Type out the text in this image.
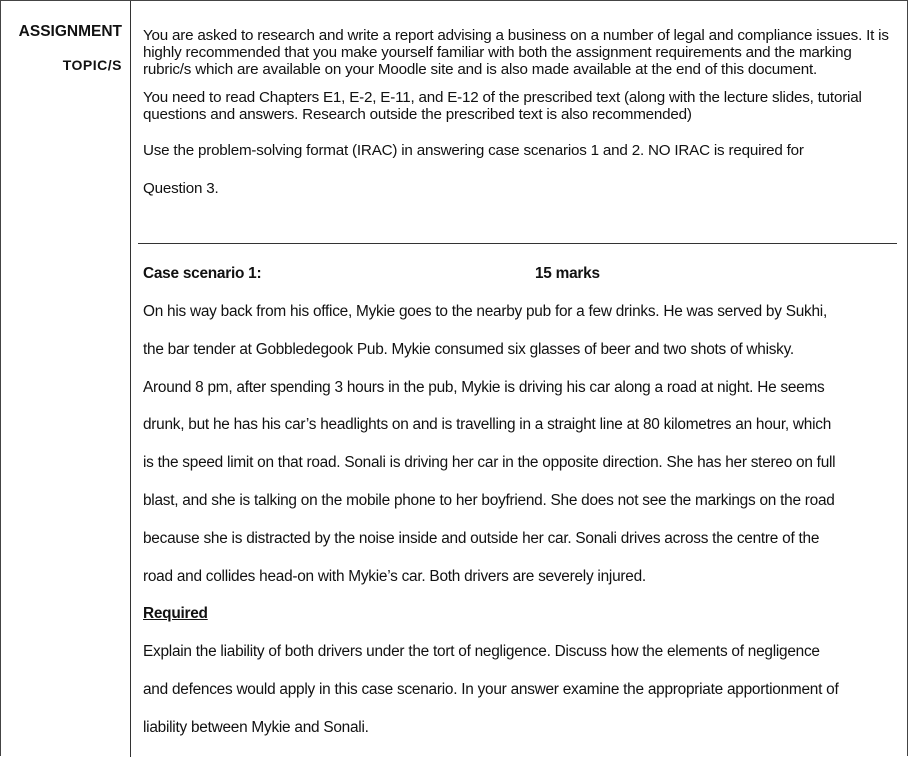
ASSIGNMENT
TOPIC/S

You are asked to research and write a report advising a business on a number of legal and compliance issues. It is highly recommended that you make yourself familiar with both the assignment requirements and the marking rubric/s which are available on your Moodle site and is also made available at the end of this document.

You need to read Chapters E1, E-2, E-11, and E-12 of the prescribed text (along with the lecture slides, tutorial questions and answers. Research outside the prescribed text is also recommended)

Use the problem-solving format (IRAC) in answering case scenarios 1 and 2. NO IRAC is required for
Question 3.

Case scenario 1:	15 marks
On his way back from his office, Mykie goes to the nearby pub for a few drinks. He was served by Sukhi,
the bar tender at Gobbledegook Pub. Mykie consumed six glasses of beer and two shots of whisky.
Around 8 pm, after spending 3 hours in the pub, Mykie is driving his car along a road at night. He seems
drunk, but he has his car’s headlights on and is travelling in a straight line at 80 kilometres an hour, which
is the speed limit on that road. Sonali is driving her car in the opposite direction. She has her stereo on full
blast, and she is talking on the mobile phone to her boyfriend. She does not see the markings on the road
because she is distracted by the noise inside and outside her car. Sonali drives across the centre of the
road and collides head-on with Mykie’s car. Both drivers are severely injured.
Required
Explain the liability of both drivers under the tort of negligence. Discuss how the elements of negligence
and defences would apply in this case scenario. In your answer examine the appropriate apportionment of
liability between Mykie and Sonali.
